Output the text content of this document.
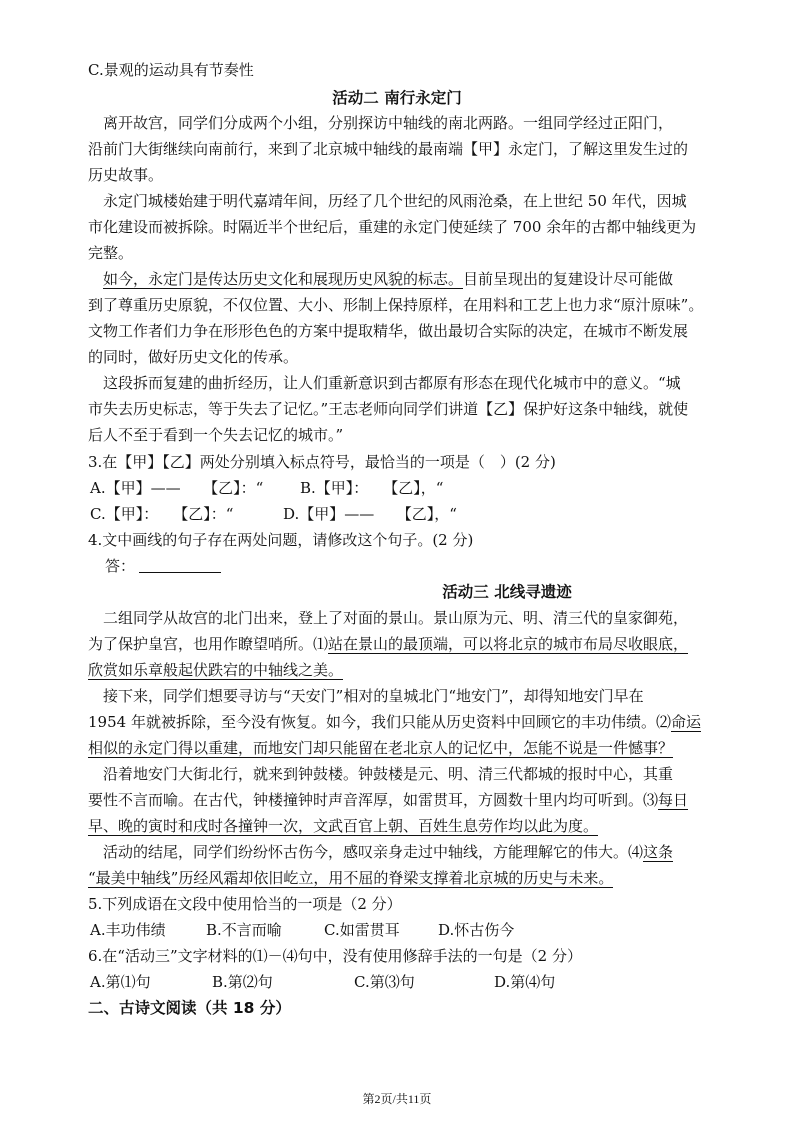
C.景观的运动具有节奏性
活动二 南行永定门
离开故宫，同学们分成两个小组，分别探访中轴线的南北两路。一组同学经过正阳门，
沿前门大街继续向南前行，来到了北京城中轴线的最南端【甲】永定门，了解这里发生过的
历史故事。
永定门城楼始建于明代嘉靖年间，历经了几个世纪的风雨沧桑，在上世纪 50 年代，因城
市化建设而被拆除。时隔近半个世纪后，重建的永定门使延续了 700 余年的古都中轴线更为
完整。
如今，永定门是传达历史文化和展现历史风貌的标志。目前呈现出的复建设计尽可能做
到了尊重历史原貌，不仅位置、大小、形制上保持原样，在用料和工艺上也力求“原汁原味”。
文物工作者们力争在形形色色的方案中提取精华，做出最切合实际的决定，在城市不断发展
的同时，做好历史文化的传承。
这段拆而复建的曲折经历，让人们重新意识到古都原有形态在现代化城市中的意义。“城
市失去历史标志，等于失去了记忆。”王志老师向同学们讲道【乙】保护好这条中轴线，就使
后人不至于看到一个失去记忆的城市。”
3.在【甲】【乙】两处分别填入标点符号，最恰当的一项是（　）(2 分)
A.【甲】——　　【乙】：“ B.【甲】：　　【乙】，“
C.【甲】：　　【乙】：“	D.【甲】——　　【乙】，“
4.文中画线的句子存在两处问题，请修改这个句子。(2 分)
答：
活动三 北线寻遗迹
二组同学从故宫的北门出来，登上了对面的景山。景山原为元、明、清三代的皇家御苑，
为了保护皇宫，也用作瞭望哨所。⑴站在景山的最顶端，可以将北京的城市布局尽收眼底，
欣赏如乐章般起伏跌宕的中轴线之美。
接下来，同学们想要寻访与“天安门”相对的皇城北门“地安门”，却得知地安门早在
1954 年就被拆除，至今没有恢复。如今，我们只能从历史资料中回顾它的丰功伟绩。⑵命运
相似的永定门得以重建，而地安门却只能留在老北京人的记忆中，怎能不说是一件憾事？
沿着地安门大街北行，就来到钟鼓楼。钟鼓楼是元、明、清三代都城的报时中心，其重
要性不言而喻。在古代，钟楼撞钟时声音浑厚，如雷贯耳，方圆数十里内均可听到。⑶每日
早、晚的寅时和戌时各撞钟一次，文武百官上朝、百姓生息劳作均以此为度。
活动的结尾，同学们纷纷怀古伤今，感叹亲身走过中轴线，方能理解它的伟大。⑷这条
“最美中轴线”历经风霜却依旧屹立，用不屈的脊梁支撑着北京城的历史与未来。
5.下列成语在文段中使用恰当的一项是（2 分）
A.丰功伟绩	B.不言而喻	C.如雷贯耳	D.怀古伤今
6.在“活动三”文字材料的⑴－⑷句中，没有使用修辞手法的一句是（2 分）
A.第⑴句	B.第⑵句	C.第⑶句	D.第⑷句
二、古诗文阅读（共 18 分）
第2页/共11页
